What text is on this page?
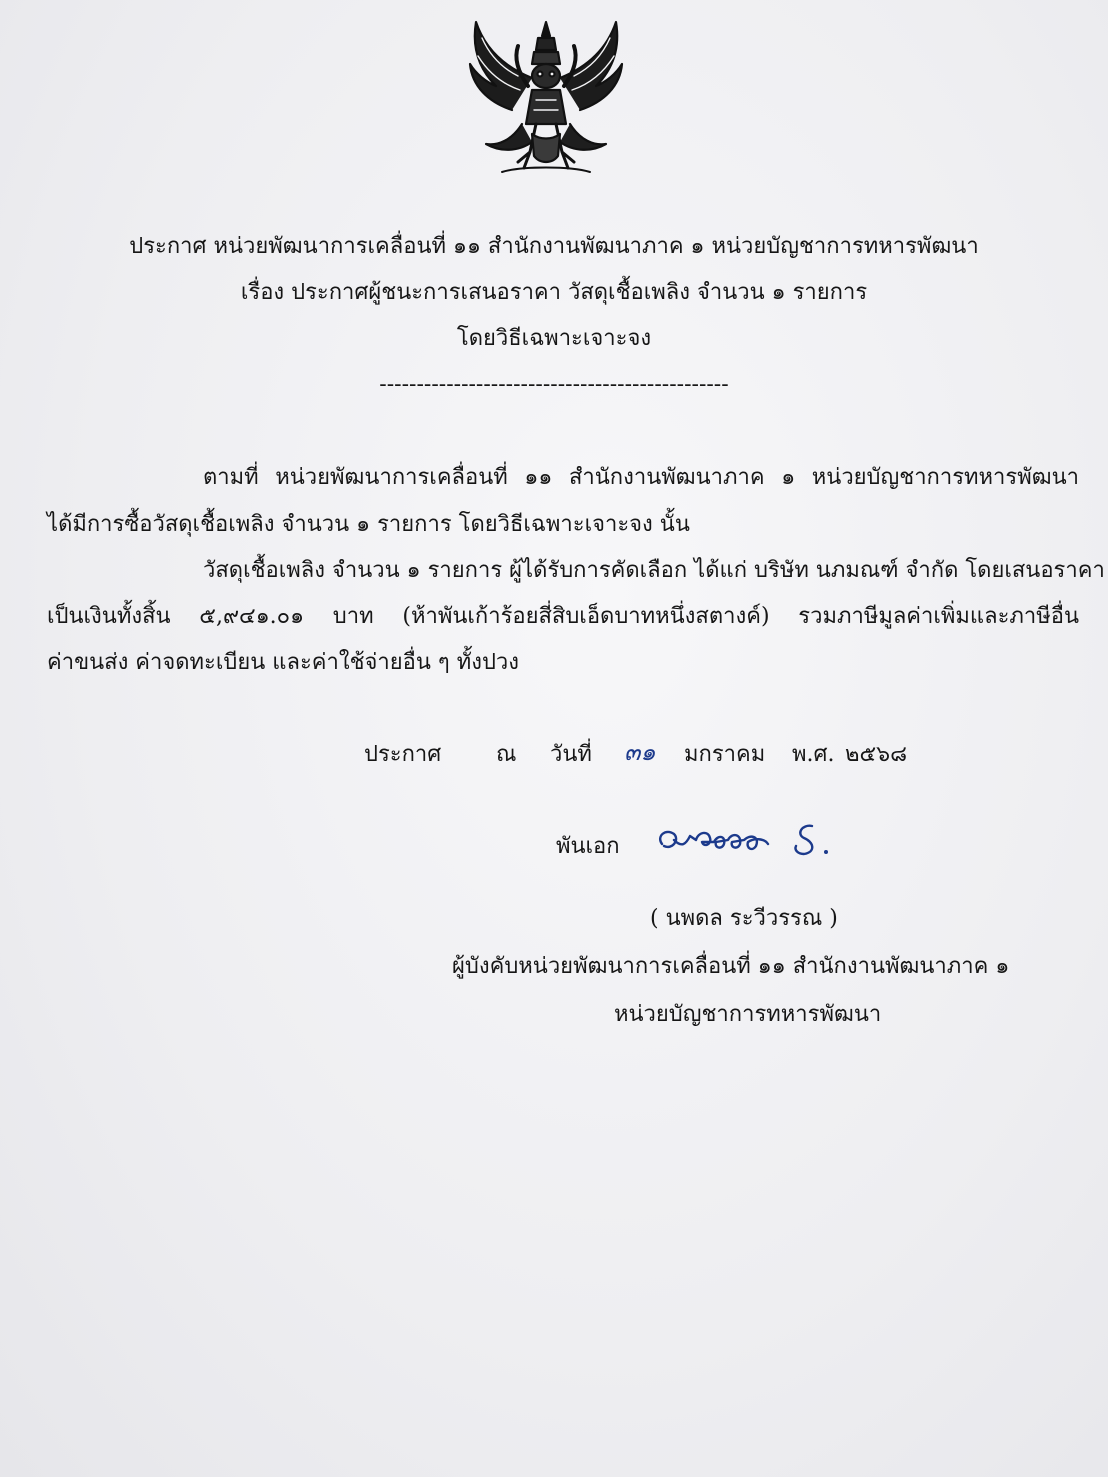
ประกาศ หน่วยพัฒนาการเคลื่อนที่ ๑๑ สำนักงานพัฒนาภาค ๑ หน่วยบัญชาการทหารพัฒนา
เรื่อง ประกาศผู้ชนะการเสนอราคา วัสดุเชื้อเพลิง จำนวน ๑ รายการ
โดยวิธีเฉพาะเจาะจง
-----------------------------------------------
ตามที่ หน่วยพัฒนาการเคลื่อนที่ ๑๑ สำนักงานพัฒนาภาค ๑ หน่วยบัญชาการทหารพัฒนา
ได้มีการซื้อวัสดุเชื้อเพลิง จำนวน ๑ รายการ โดยวิธีเฉพาะเจาะจง นั้น
วัสดุเชื้อเพลิง จำนวน ๑ รายการ ผู้ได้รับการคัดเลือก ได้แก่ บริษัท นภมณฑ์ จำกัด โดยเสนอราคา
เป็นเงินทั้งสิ้น ๕,๙๔๑.๐๑ บาท (ห้าพันเก้าร้อยสี่สิบเอ็ดบาทหนึ่งสตางค์) รวมภาษีมูลค่าเพิ่มและภาษีอื่น
ค่าขนส่ง ค่าจดทะเบียน และค่าใช้จ่ายอื่น ๆ ทั้งปวง
ประกาศ ณ วันที่ ๓๑ มกราคม พ.ศ. ๒๕๖๘
พันเอก
( นพดล ระวีวรรณ )
ผู้บังคับหน่วยพัฒนาการเคลื่อนที่ ๑๑ สำนักงานพัฒนาภาค ๑
หน่วยบัญชาการทหารพัฒนา
